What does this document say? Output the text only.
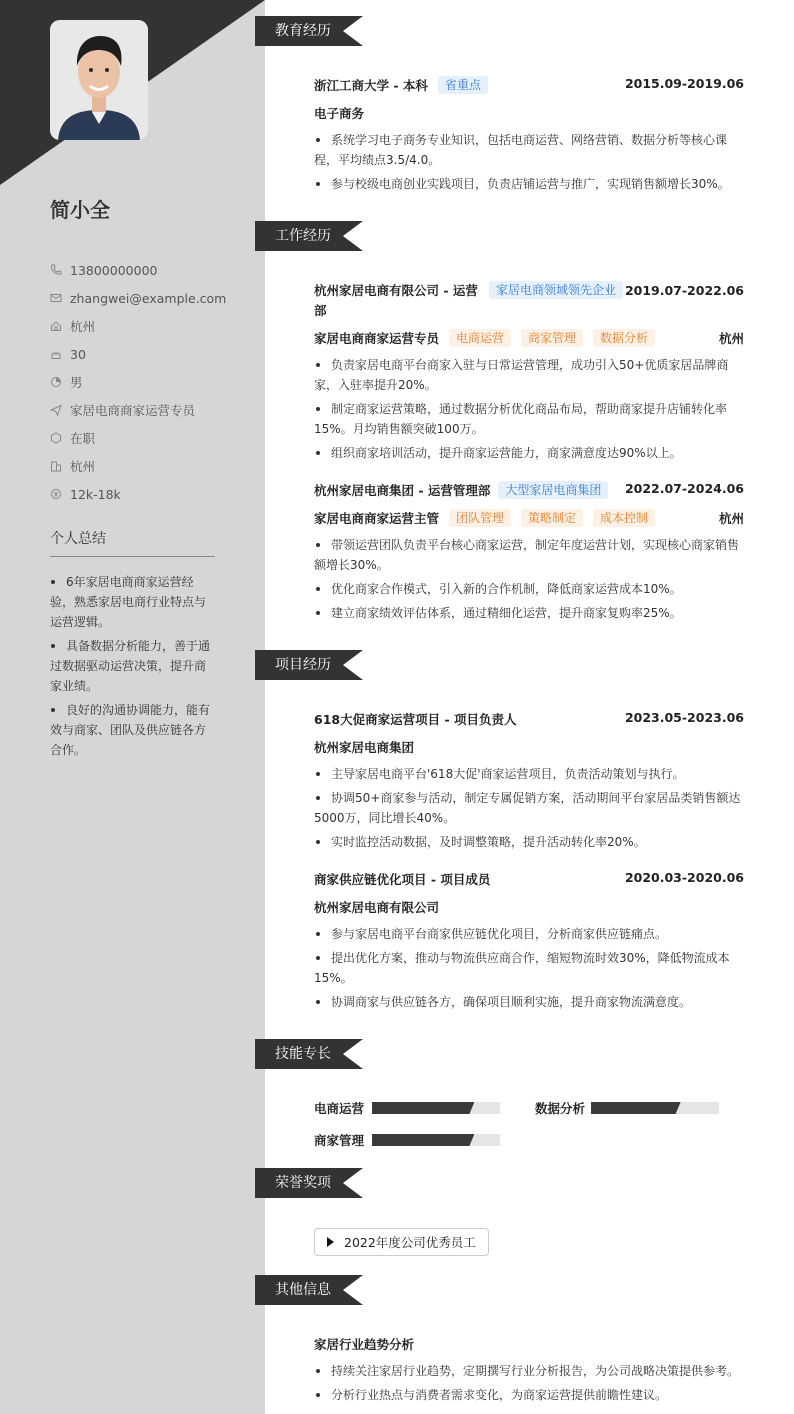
简小全
13800000000
zhangwei@example.com
杭州
30
男
家居电商商家运营专员
在职
杭州
12k-18k
个人总结
6年家居电商商家运营经验，熟悉家居电商行业特点与运营逻辑。
具备数据分析能力，善于通过数据驱动运营决策，提升商家业绩。
良好的沟通协调能力，能有效与商家、团队及供应链各方合作。
教育经历
工作经历
项目经历
技能专长
荣誉奖项
其他信息
浙江工商大学 - 本科	省重点	2015.09-2019.06
电子商务
系统学习电子商务专业知识，包括电商运营、网络营销、数据分析等核心课程，平均绩点3.5/4.0。
参与校级电商创业实践项目，负责店铺运营与推广，实现销售额增长30%。
杭州家居电商有限公司 - 运营部
家居电商领域领先企业 2019.07-2022.06
家居电商商家运营专员	电商运营	商家管理	数据分析	杭州
负责家居电商平台商家入驻与日常运营管理，成功引入50+优质家居品牌商家，入驻率提升20%。
制定商家运营策略，通过数据分析优化商品布局，帮助商家提升店铺转化率15%。月均销售额突破100万。
组织商家培训活动，提升商家运营能力，商家满意度达90%以上。
杭州家居电商集团 - 运营管理部	大型家居电商集团	2022.07-2024.06
家居电商商家运营主管	团队管理	策略制定	成本控制	杭州
带领运营团队负责平台核心商家运营，制定年度运营计划，实现核心商家销售额增长30%。
优化商家合作模式，引入新的合作机制，降低商家运营成本10%。
建立商家绩效评估体系，通过精细化运营，提升商家复购率25%。
618大促商家运营项目 - 项目负责人	2023.05-2023.06
杭州家居电商集团
主导家居电商平台'618大促'商家运营项目，负责活动策划与执行。
协调50+商家参与活动，制定专属促销方案，活动期间平台家居品类销售额达5000万，同比增长40%。
实时监控活动数据，及时调整策略，提升活动转化率20%。
商家供应链优化项目 - 项目成员	2020.03-2020.06
杭州家居电商有限公司
参与家居电商平台商家供应链优化项目，分析商家供应链痛点。
提出优化方案，推动与物流供应商合作，缩短物流时效30%，降低物流成本15%。
协调商家与供应链各方，确保项目顺利实施，提升商家物流满意度。
电商运营	数据分析
商家管理
2022年度公司优秀员工
家居行业趋势分析
持续关注家居行业趋势，定期撰写行业分析报告，为公司战略决策提供参考。
分析行业热点与消费者需求变化，为商家运营提供前瞻性建议。
